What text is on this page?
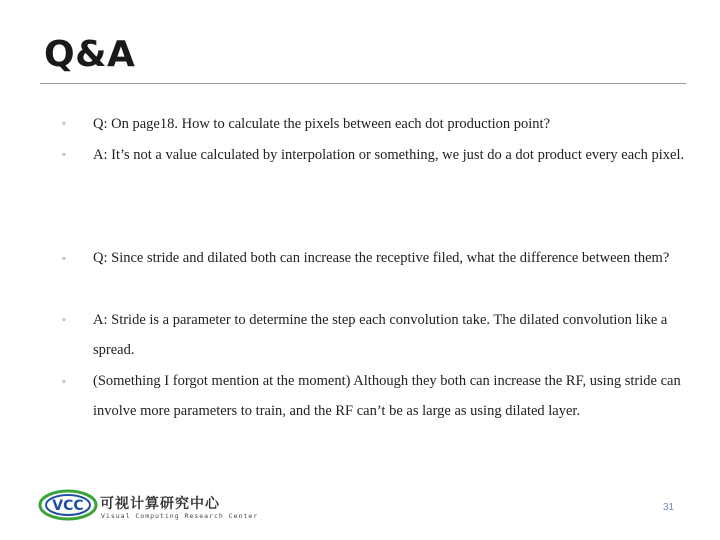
Q&A
◦ Q: On page18. How to calculate the pixels between each dot production point?
◦ A: It’s not a value calculated by interpolation or something, we just do a dot product every each pixel.
◦ Q: Since stride and dilated both can increase the receptive filed, what the difference between them?
◦ A: Stride is a parameter to determine the step each convolution take. The dilated convolution like a spread.
◦ (Something I forgot mention at the moment) Although they both can increase the RF, using stride can involve more parameters to train, and the RF can’t be as large as using dilated layer.
VCC 可视计算研究中心
Visual Computing Research Center
31
